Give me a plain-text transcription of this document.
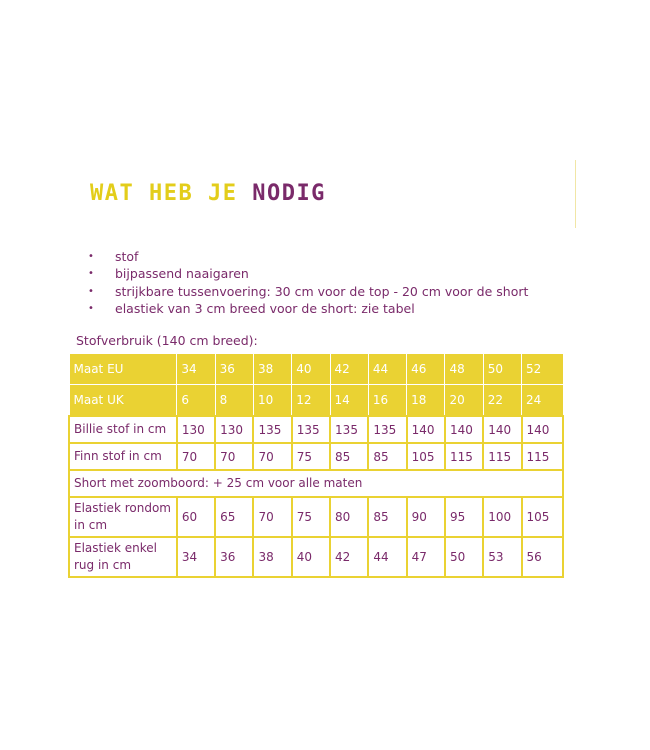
WAT HEB JE NODIG
• stof
• bijpassend naaigaren
• strijkbare tussenvoering: 30 cm voor de top - 20 cm voor de short
• elastiek van 3 cm breed voor de short: zie tabel
Stofverbruik (140 cm breed):
Maat EU	34	36	38	40	42	44	46	48	50	52
Maat UK	6	8	10	12	14	16	18	20	22	24
Billie stof in cm	130	130	135	135	135	135	140	140	140	140
Finn stof in cm	70	70	70	75	85	85	105	115	115	115
Short met zoomboord: + 25 cm voor alle maten										
Elastiek rondom in cm	60	65	70	75	80	85	90	95	100	105
Elastiek enkel rug in cm	34	36	38	40	42	44	47	50	53	56
